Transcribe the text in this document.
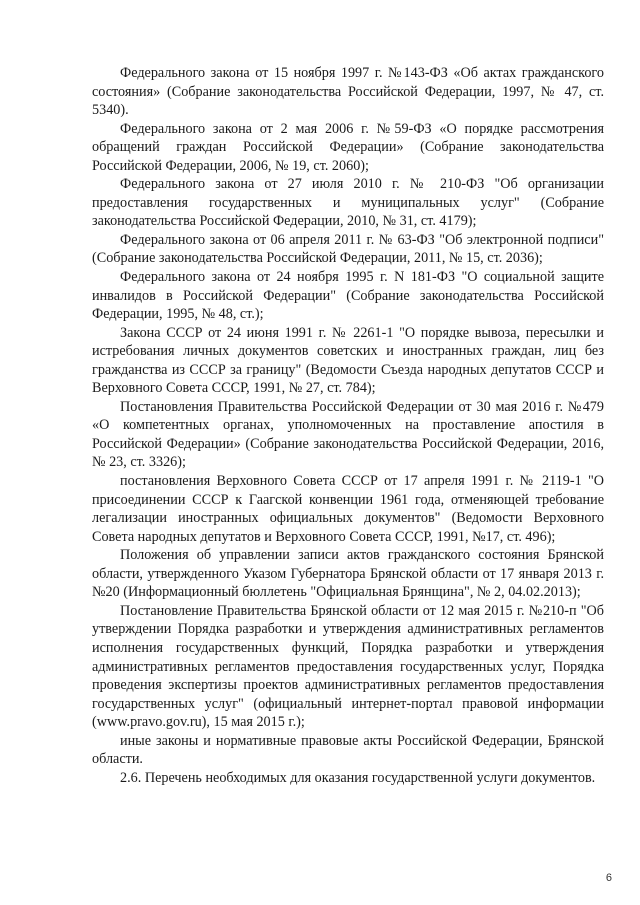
Федерального закона от 15 ноября 1997 г. №143-ФЗ «Об актах гражданского состояния» (Собрание законодательства Российской Федерации, 1997, № 47, ст. 5340).

Федерального закона от 2 мая 2006 г. №59-ФЗ «О порядке рассмотрения обращений граждан Российской Федерации» (Собрание законодательства Российской Федерации, 2006, № 19, ст. 2060);

Федерального закона от 27 июля 2010 г. № 210-ФЗ "Об организации предоставления государственных и муниципальных услуг" (Собрание законодательства Российской Федерации, 2010, № 31, ст. 4179);

Федерального закона от 06 апреля 2011 г. № 63-ФЗ "Об электронной подписи" (Собрание законодательства Российской Федерации, 2011, № 15, ст. 2036);

Федерального закона от 24 ноября 1995 г. N 181-ФЗ "О социальной защите инвалидов в Российской Федерации" (Собрание законодательства Российской Федерации, 1995, № 48, ст.);

Закона СССР от 24 июня 1991 г. № 2261-1 "О порядке вывоза, пересылки и истребования личных документов советских и иностранных граждан, лиц без гражданства из СССР за границу" (Ведомости Съезда народных депутатов СССР и Верховного Совета СССР, 1991, № 27, ст. 784);

Постановления Правительства Российской Федерации от 30 мая 2016 г. №479 «О компетентных органах, уполномоченных на проставление апостиля в Российской Федерации» (Собрание законодательства Российской Федерации, 2016, № 23, ст. 3326);

постановления Верховного Совета СССР от 17 апреля 1991 г. № 2119-1 "О присоединении СССР к Гаагской конвенции 1961 года, отменяющей требование легализации иностранных официальных документов" (Ведомости Верховного Совета народных депутатов и Верховного Совета СССР, 1991, №17, ст. 496);

Положения об управлении записи актов гражданского состояния Брянской области, утвержденного Указом Губернатора Брянской области от 17 января 2013 г. №20 (Информационный бюллетень "Официальная Брянщина", № 2, 04.02.2013);

Постановление Правительства Брянской области от 12 мая 2015 г. №210-п "Об утверждении Порядка разработки и утверждения административных регламентов исполнения государственных функций, Порядка разработки и утверждения административных регламентов предоставления государственных услуг, Порядка проведения экспертизы проектов административных регламентов предоставления государственных услуг" (официальный интернет-портал правовой информации (www.pravo.gov.ru), 15 мая 2015 г.);

иные законы и нормативные правовые акты Российской Федерации, Брянской области.

2.6. Перечень необходимых для оказания государственной услуги документов.

6
